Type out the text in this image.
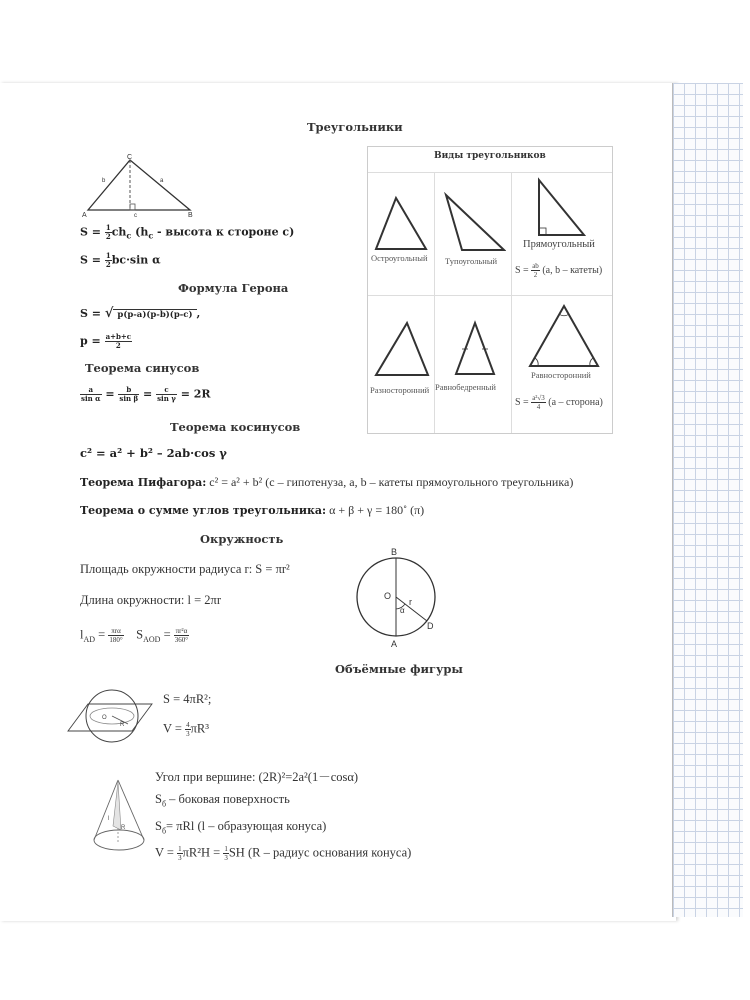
Треугольники
C
A	B
b	a
c
$S = \frac{1}{2} ch_c$ ($h_c$ - высота к стороне c)
$S = \frac{1}{2} bc\cdot\sin$ α
Формула Герона
S = √ p(p-a)(p-b)(p-c) ,
$p = \frac{a+b+c}{2}$
Теорема синусов
$\frac{a}{\text{sin α}} = \frac{b}{\text{sin β}} = \frac{c}{\text{sin γ}} = 2R$
Теорема косинусов
c² = a² + b² – 2ab·cos γ
Теорема Пифагора: c² = a² + b² (c – гипотенуза, a, b – катеты прямоугольного треугольника)
Теорема о сумме углов треугольника: α + β + γ = 180˚ (π)
Виды треугольников
Остроугольный Тупоугольный
Прямоугольный
$S = \frac{ab}{2} (a$, b – катеты)
Разносторонний Равнобедренный
Равносторонний
$S = \frac{\text{a²√3}}{4} (a$ – сторона)
Окружность
Площадь окружности радиуса r: S = πr²
Длина окружности: l = 2πr
$l_{AD} = \frac{\text{πrα}}{180^\circ} S_{AOD} = \frac{\text{πr²α}}{360^\circ}$
B
O
r
α
D
A
Объёмные фигуры
O
R
S = 4πR²;
$V = \frac{4}{3} \pi R^3$
l
R
Угол при вершине: (2R)²=2a²(1－cosα)
$S_б$ – боковая поверхность
$S_б= \pi Rl$ (l – образующая конуса)
$V = \frac{1}{3} \pi R^2H = \frac{1}{3}$ SH (R – радиус основания конуса)
